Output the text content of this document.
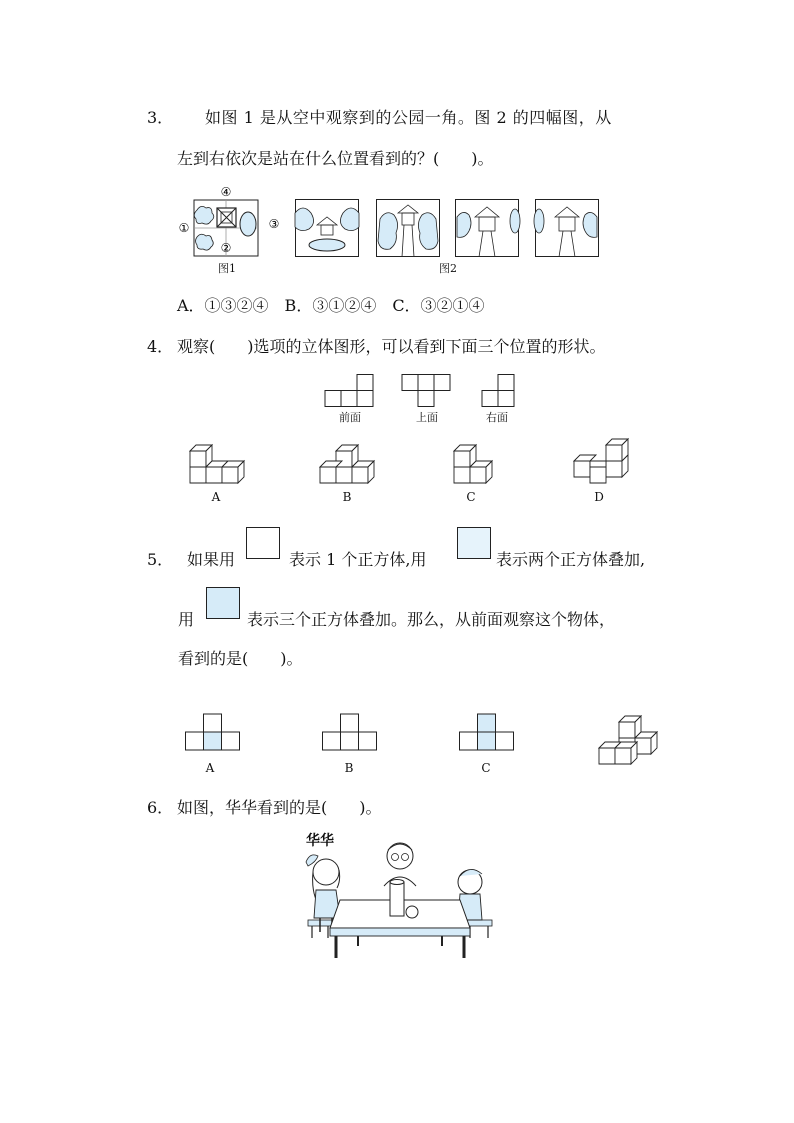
3． 如图 1 是从空中观察到的公园一角。图 2 的四幅图，从
左到右依次是站在什么位置看到的？(　　)。
④
①	③
②
图1	图2
A．①③②④　B．③①②④　C．③②①④
4． 观察(　　)选项的立体图形，可以看到下面三个位置的形状。
前面	上面	右面
A	B	C	D
5． 如果用	表示 1 个正方体,用	表示两个正方体叠加,
用	表示三个正方体叠加。那么，从前面观察这个物体，
看到的是(　　)。
A	B	C
6． 如图，华华看到的是(　　)。
华华
